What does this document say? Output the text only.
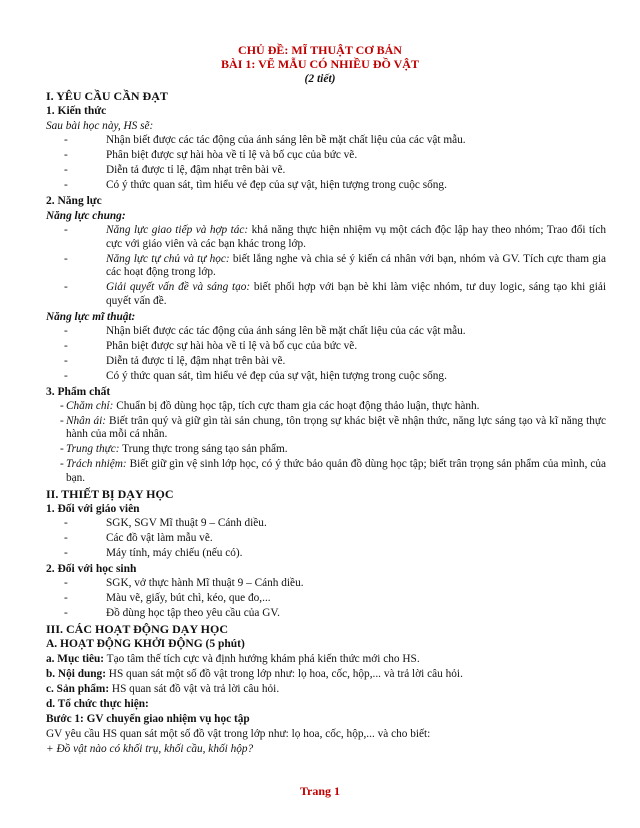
CHỦ ĐỀ: MĨ THUẬT CƠ BẢN
BÀI 1: VẼ MẪU CÓ NHIỀU ĐỒ VẬT
(2 tiết)
I. YÊU CẦU CẦN ĐẠT
1. Kiến thức
Sau bài học này, HS sẽ:
- Nhận biết được các tác động của ánh sáng lên bề mặt chất liệu của các vật mẫu.
- Phân biệt được sự hài hòa về tỉ lệ và bố cục của bức vẽ.
- Diễn tả được tỉ lệ, đậm nhạt trên bài vẽ.
- Có ý thức quan sát, tìm hiểu vẻ đẹp của sự vật, hiện tượng trong cuộc sống.
2. Năng lực
Năng lực chung:
- Năng lực giao tiếp và hợp tác: khả năng thực hiện nhiệm vụ một cách độc lập hay theo nhóm; Trao đổi tích cực với giáo viên và các bạn khác trong lớp.
- Năng lực tự chủ và tự học: biết lắng nghe và chia sẻ ý kiến cá nhân với bạn, nhóm và GV. Tích cực tham gia các hoạt động trong lớp.
- Giải quyết vấn đề và sáng tạo: biết phối hợp với bạn bè khi làm việc nhóm, tư duy logic, sáng tạo khi giải quyết vấn đề.
Năng lực mĩ thuật:
- Nhận biết được các tác động của ánh sáng lên bề mặt chất liệu của các vật mẫu.
- Phân biệt được sự hài hòa về tỉ lệ và bố cục của bức vẽ.
- Diễn tả được tỉ lệ, đậm nhạt trên bài vẽ.
- Có ý thức quan sát, tìm hiểu vẻ đẹp của sự vật, hiện tượng trong cuộc sống.
3. Phẩm chất
- Chăm chỉ: Chuẩn bị đồ dùng học tập, tích cực tham gia các hoạt động thảo luận, thực hành.
- Nhân ái: Biết trân quý và giữ gìn tài sản chung, tôn trọng sự khác biệt về nhận thức, năng lực sáng tạo và kĩ năng thực hành của mỗi cá nhân.
- Trung thực: Trung thực trong sáng tạo sản phẩm.
- Trách nhiệm: Biết giữ gìn vệ sinh lớp học, có ý thức bảo quản đồ dùng học tập; biết trân trọng sản phẩm của mình, của bạn.
II. THIẾT BỊ DẠY HỌC
1. Đối với giáo viên
- SGK, SGV Mĩ thuật 9 – Cánh diều.
- Các đồ vật làm mẫu vẽ.
- Máy tính, máy chiếu (nếu có).
2. Đối với học sinh
- SGK, vở thực hành Mĩ thuật 9 – Cánh diều.
- Màu vẽ, giấy, bút chì, kéo, que đo,...
- Đồ dùng học tập theo yêu cầu của GV.
III. CÁC HOẠT ĐỘNG DẠY HỌC
A. HOẠT ĐỘNG KHỞI ĐỘNG (5 phút)
a. Mục tiêu: Tạo tâm thế tích cực và định hướng khám phá kiến thức mới cho HS.
b. Nội dung: HS quan sát một số đồ vật trong lớp như: lọ hoa, cốc, hộp,... và trả lời câu hỏi.
c. Sản phẩm: HS quan sát đồ vật và trả lời câu hỏi.
d. Tổ chức thực hiện:
Bước 1: GV chuyển giao nhiệm vụ học tập
GV yêu cầu HS quan sát một số đồ vật trong lớp như: lọ hoa, cốc, hộp,... và cho biết:
+ Đồ vật nào có khối trụ, khối cầu, khối hộp?
Trang 1
